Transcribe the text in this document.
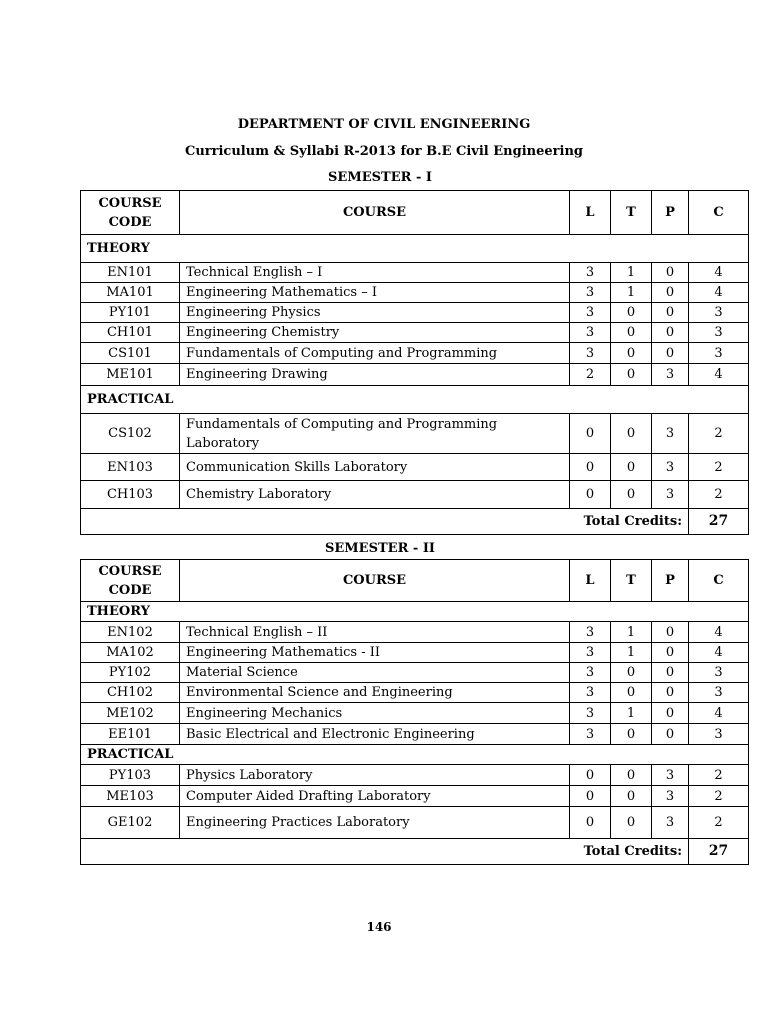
DEPARTMENT OF CIVIL ENGINEERING
Curriculum & Syllabi R-2013 for B.E Civil Engineering
SEMESTER - I
COURSE CODE	COURSE	L	T	P	C
THEORY					
EN101	Technical English – I	3	1	0	4
MA101	Engineering Mathematics – I	3	1	0	4
PY101	Engineering Physics	3	0	0	3
CH101	Engineering Chemistry	3	0	0	3
CS101	Fundamentals of Computing and Programming	3	0	0	3
ME101	Engineering Drawing	2	0	3	4
PRACTICAL					
CS102	Fundamentals of Computing and Programming Laboratory	0	0	3	2
EN103	Communication Skills Laboratory	0	0	3	2
CH103	Chemistry Laboratory	0	0	3	2
Total Credits:					27
SEMESTER - II
COURSE CODE	COURSE	L	T	P	C
THEORY					
EN102	Technical English – II	3	1	0	4
MA102	Engineering Mathematics - II	3	1	0	4
PY102	Material Science	3	0	0	3
CH102	Environmental Science and Engineering	3	0	0	3
ME102	Engineering Mechanics	3	1	0	4
EE101	Basic Electrical and Electronic Engineering	3	0	0	3
PRACTICAL					
PY103	Physics Laboratory	0	0	3	2
ME103	Computer Aided Drafting Laboratory	0	0	3	2
GE102	Engineering Practices Laboratory	0	0	3	2
Total Credits:					27
146
